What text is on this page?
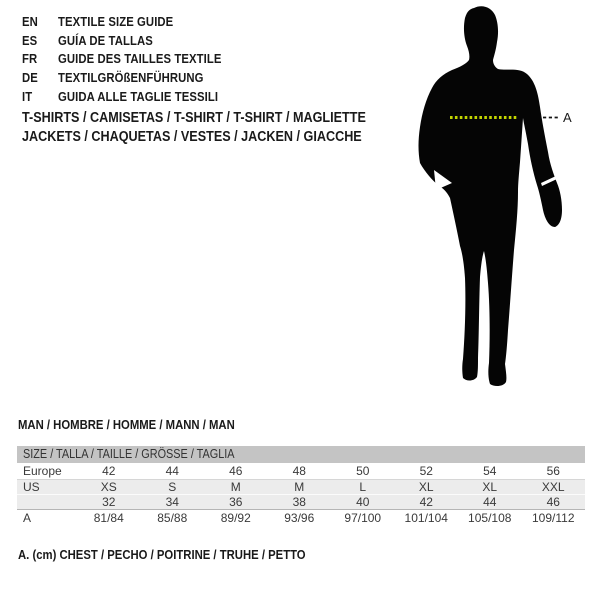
EN TEXTILE SIZE GUIDE
ES GUÍA DE TALLAS
FR GUIDE DES TAILLES TEXTILE
DE TEXTILGRÖßENFÜHRUNG
IT GUIDA ALLE TAGLIE TESSILI
T-SHIRTS / CAMISETAS / T-SHIRT / T-SHIRT / MAGLIETTE
JACKETS / CHAQUETAS / VESTES / JACKEN / GIACCHE
A
MAN / HOMBRE / HOMME / MANN / MAN
SIZE / TALLA / TAILLE / GRÖSSE / TAGLIA
Europe	42	44	46	48	50	52	54	56
US	XS	S	M	M	L	XL	XL	XXL
	32	34	36	38	40	42	44	46
A	81/84	85/88	89/92	93/96	97/100	101/104	105/108	109/112
A. (cm) CHEST / PECHO / POITRINE / TRUHE / PETTO
